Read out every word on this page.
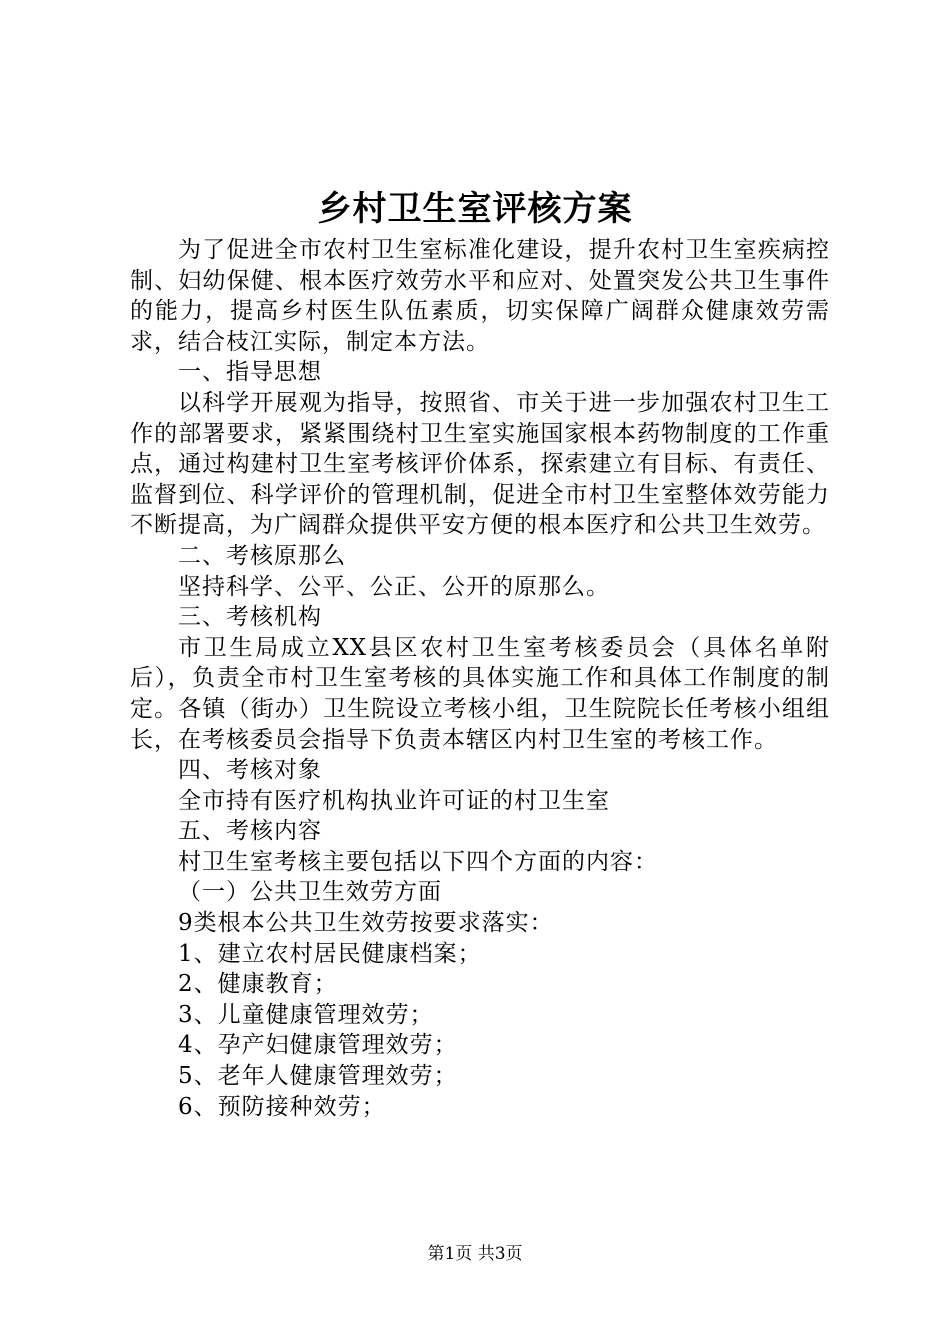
乡村卫生室评核方案

为了促进全市农村卫生室标准化建设，提升农村卫生室疾病控制、妇幼保健、根本医疗效劳水平和应对、处置突发公共卫生事件的能力，提高乡村医生队伍素质，切实保障广阔群众健康效劳需求，结合枝江实际，制定本方法。

一、指导思想

以科学开展观为指导，按照省、市关于进一步加强农村卫生工作的部署要求，紧紧围绕村卫生室实施国家根本药物制度的工作重点，通过构建村卫生室考核评价体系，探索建立有目标、有责任、监督到位、科学评价的管理机制，促进全市村卫生室整体效劳能力不断提高，为广阔群众提供平安方便的根本医疗和公共卫生效劳。

二、考核原那么

坚持科学、公平、公正、公开的原那么。

三、考核机构

市卫生局成立XX县区农村卫生室考核委员会（具体名单附后），负责全市村卫生室考核的具体实施工作和具体工作制度的制定。各镇（街办）卫生院设立考核小组，卫生院院长任考核小组组长，在考核委员会指导下负责本辖区内村卫生室的考核工作。

四、考核对象

全市持有医疗机构执业许可证的村卫生室

五、考核内容

村卫生室考核主要包括以下四个方面的内容：

（一）公共卫生效劳方面

9类根本公共卫生效劳按要求落实：

1、建立农村居民健康档案；

2、健康教育；

3、儿童健康管理效劳；

4、孕产妇健康管理效劳；

5、老年人健康管理效劳；

6、预防接种效劳；

第1页 共3页
